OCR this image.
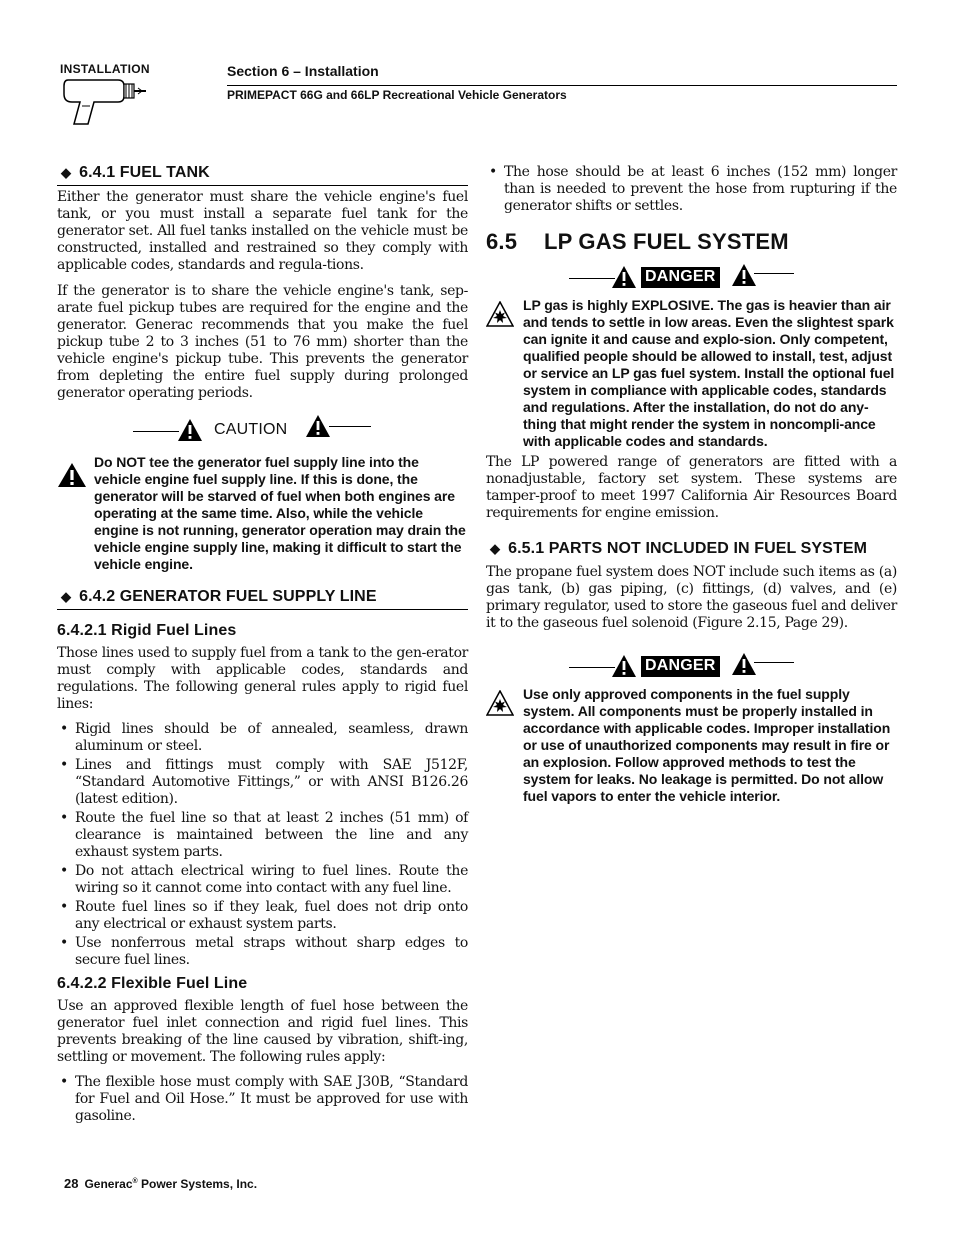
INSTALLATION	Section 6 – Installation
PRIMEPACT 66G and 66LP Recreational Vehicle Generators
◆ 6.4.1 FUEL TANK

Either the generator must share the vehicle engine's fuel tank, or you must install a separate fuel tank for the generator set. All fuel tanks installed on the vehicle must be constructed, installed and restrained so they comply with applicable codes, standards and regula-tions.

If the generator is to share the vehicle engine's tank, sep-arate fuel pickup tubes are required for the engine and the generator. Generac recommends that you make the fuel pickup tube 2 to 3 inches (51 to 76 mm) shorter than the vehicle engine's pickup tube. This prevents the generator from depleting the entire fuel supply during prolonged generator operating periods.

CAUTION

Do NOT tee the generator fuel supply line into the vehicle engine fuel supply line. If this is done, the generator will be starved of fuel when both engines are operating at the same time. Also, while the vehicle engine is not running, generator operation may drain the vehicle engine supply line, making it difficult to start the vehicle engine.

◆ 6.4.2 GENERATOR FUEL SUPPLY LINE
6.4.2.1 Rigid Fuel Lines

Those lines used to supply fuel from a tank to the gen-erator must comply with applicable codes, standards and regulations. The following general rules apply to rigid fuel lines:

• Rigid lines should be of annealed, seamless, drawn aluminum or steel.
• Lines and fittings must comply with SAE J512F, “Standard Automotive Fittings,” or with ANSI B126.26 (latest edition).
• Route the fuel line so that at least 2 inches (51 mm) of clearance is maintained between the line and any exhaust system parts.
• Do not attach electrical wiring to fuel lines. Route the wiring so it cannot come into contact with any fuel line.
• Route fuel lines so if they leak, fuel does not drip onto any electrical or exhaust system parts.
• Use nonferrous metal straps without sharp edges to secure fuel lines.
6.4.2.2 Flexible Fuel Line

Use an approved flexible length of fuel hose between the generator fuel inlet connection and rigid fuel lines. This prevents breaking of the line caused by vibration, shift-ing, settling or movement. The following rules apply:

• The flexible hose must comply with SAE J30B, “Standard for Fuel and Oil Hose.” It must be approved for use with gasoline.
• The hose should be at least 6 inches (152 mm) longer than is needed to prevent the hose from rupturing if the generator shifts or settles.
6.5 LP GAS FUEL SYSTEM
DANGER

LP gas is highly EXPLOSIVE. The gas is heavier than air and tends to settle in low areas. Even the slightest spark can ignite it and cause and explo-sion. Only competent, qualified people should be allowed to install, test, adjust or service an LP gas fuel system. Install the optional fuel system in compliance with applicable codes, standards and regulations. After the installation, do not do any-thing that might render the system in noncompli-ance with applicable codes and standards.

The LP powered range of generators are fitted with a nonadjustable, factory set system. These systems are tamper-proof to meet 1997 California Air Resources Board requirements for engine emission.

◆ 6.5.1 PARTS NOT INCLUDED IN FUEL SYSTEM

The propane fuel system does NOT include such items as (a) gas tank, (b) gas piping, (c) fittings, (d) valves, and (e) primary regulator, used to store the gaseous fuel and deliver it to the gaseous fuel solenoid (Figure 2.15, Page 29).

DANGER

Use only approved components in the fuel supply system. All components must be properly installed in accordance with applicable codes. Improper installation or use of unauthorized components may result in fire or an explosion. Follow approved methods to test the system for leaks. No leakage is permitted. Do not allow fuel vapors to enter the vehicle interior.

28 Generac® Power Systems, Inc.
